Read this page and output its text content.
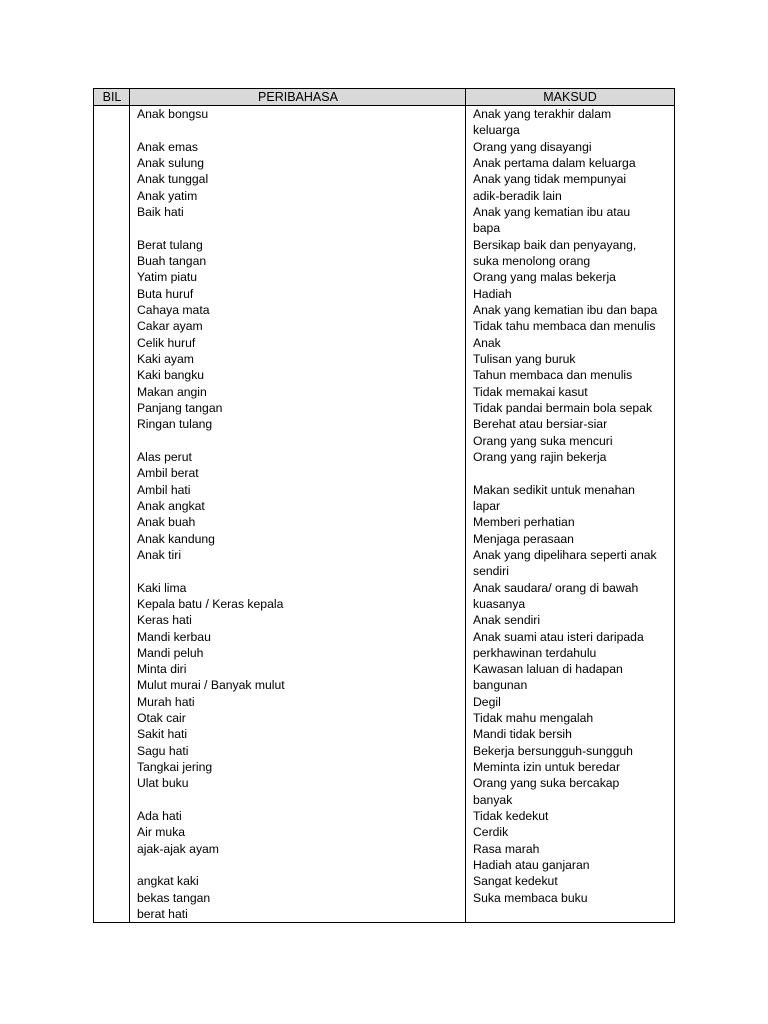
BIL	PERIBAHASA	MAKSUD
Anak bongsu
Anak emas
Anak sulung
Anak tunggal
Anak yatim
Baik hati
Berat tulang
Buah tangan
Yatim piatu
Buta huruf
Cahaya mata
Cakar ayam
Celik huruf
Kaki ayam
Kaki bangku
Makan angin
Panjang tangan
Ringan tulang
Alas perut
Ambil berat
Ambil hati
Anak angkat
Anak buah
Anak kandung
Anak tiri
Kaki lima
Kepala batu / Keras kepala
Keras hati
Mandi kerbau
Mandi peluh
Minta diri
Mulut murai / Banyak mulut
Murah hati
Otak cair
Sakit hati
Sagu hati
Tangkai jering
Ulat buku
Ada hati
Air muka
ajak-ajak ayam
angkat kaki
bekas tangan
berat hati
Anak yang terakhir dalam
keluarga
Orang yang disayangi
Anak pertama dalam keluarga
Anak yang tidak mempunyai
adik-beradik lain
Anak yang kematian ibu atau
bapa
Bersikap baik dan penyayang,
suka menolong orang
Orang yang malas bekerja
Hadiah
Anak yang kematian ibu dan bapa
Tidak tahu membaca dan menulis
Anak
Tulisan yang buruk
Tahun membaca dan menulis
Tidak memakai kasut
Tidak pandai bermain bola sepak
Berehat atau bersiar-siar
Orang yang suka mencuri
Orang yang rajin bekerja
Makan sedikit untuk menahan
lapar
Memberi perhatian
Menjaga perasaan
Anak yang dipelihara seperti anak
sendiri
Anak saudara/ orang di bawah
kuasanya
Anak sendiri
Anak suami atau isteri daripada
perkhawinan terdahulu
Kawasan laluan di hadapan
bangunan
Degil
Tidak mahu mengalah
Mandi tidak bersih
Bekerja bersungguh-sungguh
Meminta izin untuk beredar
Orang yang suka bercakap
banyak
Tidak kedekut
Cerdik
Rasa marah
Hadiah atau ganjaran
Sangat kedekut
Suka membaca buku
